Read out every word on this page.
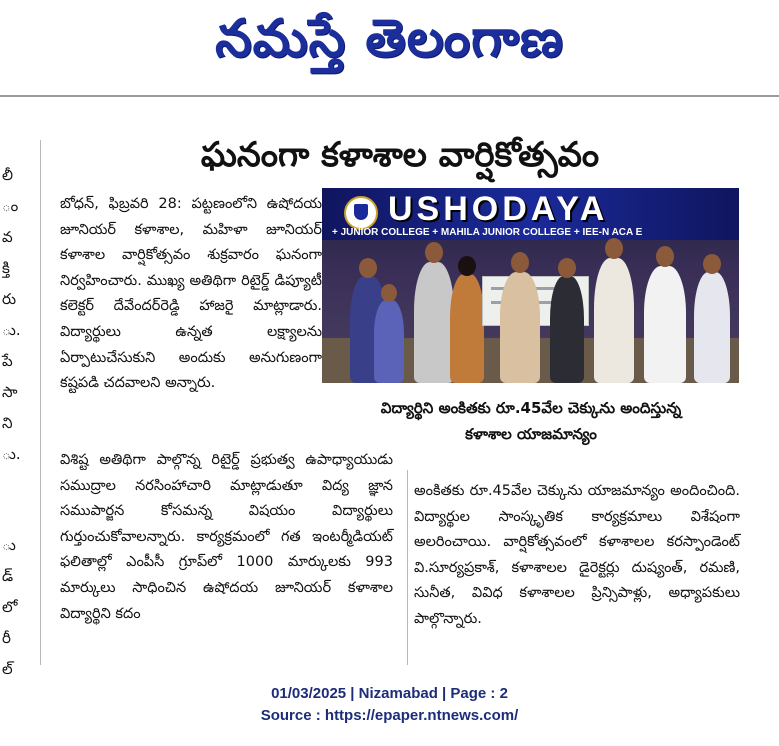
నమస్తే తెలంగాణ
లీ
ం
వ
క్తి
రు
ు.
పే
సా
ని
ు.
ు
డ్
లో
రీ
ల్
ఘనంగా కళాశాల వార్షికోత్సవం

బోధన్, ఫిబ్రవరి 28: పట్టణంలోని ఉషోదయ జూనియర్ కళాశాల, మహిళా జూనియర్ కళాశాల వార్షికోత్సవం శుక్రవారం ఘనంగా నిర్వహించారు. ముఖ్య అతిథిగా రిటైర్డ్ డిప్యూటీ కలెక్టర్ దేవేందర్‌రెడ్డి హాజరై మాట్లాడారు. విద్యార్థులు ఉన్నత లక్ష్యాలను ఏర్పాటుచేసుకుని అందుకు అనుగుణంగా కష్టపడి చదవాలని అన్నారు.

USHODAYA
+ JUNIOR COLLEGE + MAHILA JUNIOR COLLEGE + IEE-N ACA E
విద్యార్థిని అంకితకు రూ.45వేల చెక్కును అందిస్తున్న
కళాశాల యాజమాన్యం

విశిష్ట అతిథిగా పాల్గొన్న రిటైర్డ్ ప్రభుత్వ ఉపాధ్యాయుడు సముద్రాల నరసింహాచారి మాట్లాడుతూ విద్య జ్ఞాన సముపార్జన కోసమన్న విషయం విద్యార్థులు గుర్తుంచుకోవాలన్నారు. కార్యక్రమంలో గత ఇంటర్మీడియట్ ఫలితాల్లో ఎంపీసీ గ్రూప్‌లో 1000 మార్కులకు 993 మార్కులు సాధించిన ఉషోదయ జూనియర్ కళాశాల విద్యార్థిని కదం

అంకితకు రూ.45వేల చెక్కును యాజమాన్యం అందించింది. విద్యార్థుల సాంస్కృతిక కార్యక్రమాలు విశేషంగా అలరించాయి. వార్షికోత్సవంలో కళాశాలల కరస్పాండెంట్ వి.సూర్యప్రకాశ్, కళాశాలల డైరెక్టర్లు దుష్యంత్, రమణి, సునీత, వివిధ కళాశాలల ప్రిన్సిపాళ్లు, అధ్యాపకులు పాల్గొన్నారు.

01/03/2025 | Nizamabad | Page : 2
Source : https://epaper.ntnews.com/
